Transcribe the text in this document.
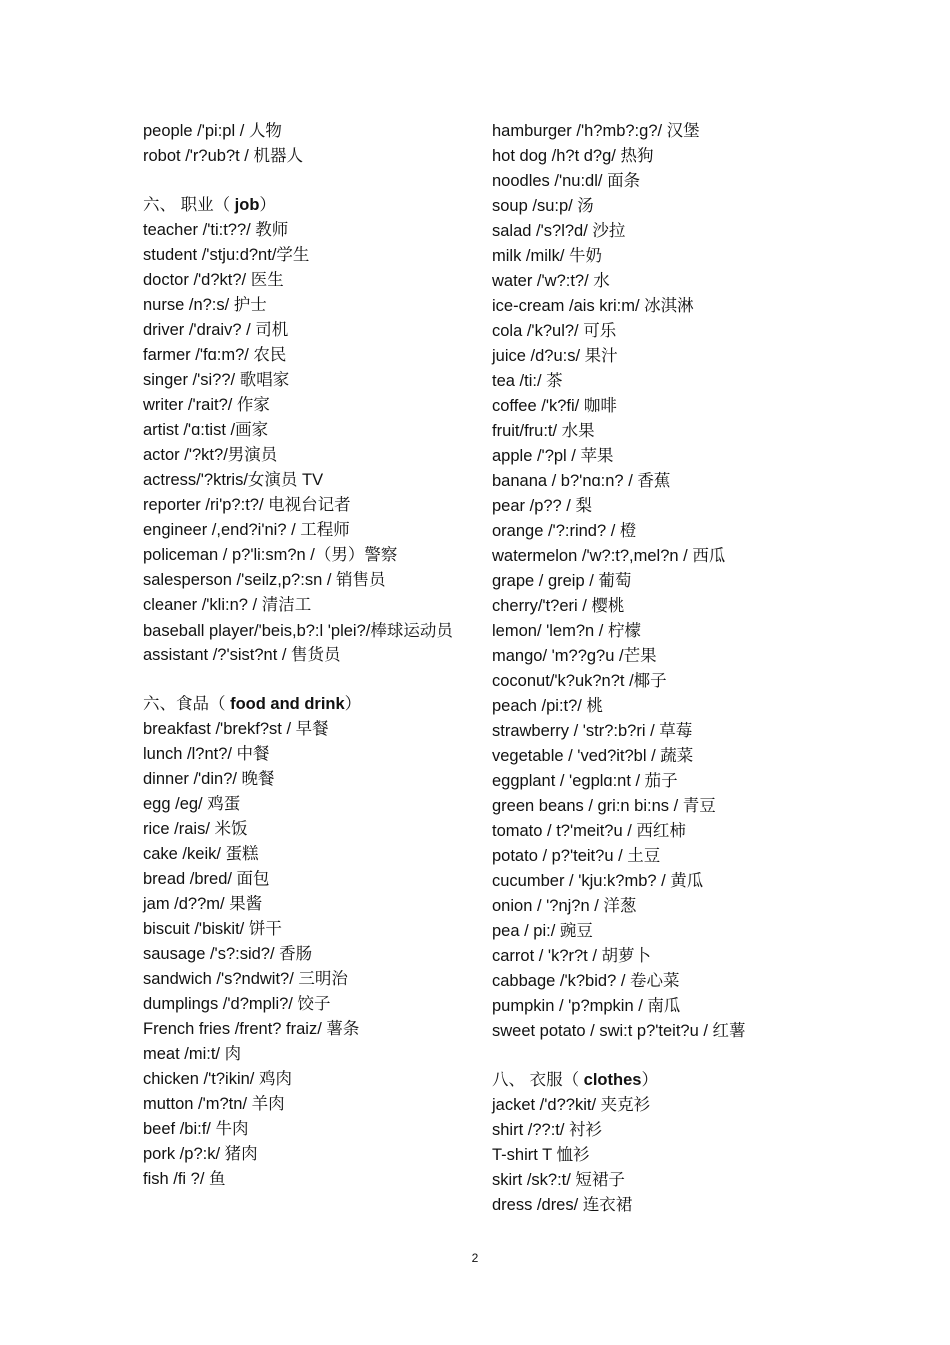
people /'pi:pl / 人物
robot /'r?ub?t / 机器人
六、 职业（ job）
teacher /'ti:t??/ 教师
student /'stju:d?nt/学生
doctor /'d?kt?/ 医生
nurse /n?:s/ 护士
driver /'draiv? / 司机
farmer /'fɑ:m?/ 农民
singer /'si??/ 歌唱家
writer /'rait?/ 作家
artist /'ɑ:tist /画家
actor /'?kt?/男演员
actress/'?ktris/女演员 TV
reporter /ri'p?:t?/ 电视台记者
engineer /,end?i'ni? / 工程师
policeman / p?'li:sm?n /（男）警察
salesperson /'seilz,p?:sn / 销售员
cleaner /'kli:n? / 清洁工
baseball player/'beis,b?:l 'plei?/棒球运动员
assistant /?'sist?nt / 售货员
六、食品（ food and drink）
breakfast /'brekf?st / 早餐
lunch /l?nt?/ 中餐
dinner /'din?/ 晚餐
egg /eg/ 鸡蛋
rice /rais/ 米饭
cake /keik/ 蛋糕
bread /bred/ 面包
jam /d??m/ 果酱
biscuit /'biskit/ 饼干
sausage /'s?:sid?/ 香肠
sandwich /'s?ndwit?/ 三明治
dumplings /'d?mpli?/ 饺子
French fries /frent? fraiz/ 薯条
meat /mi:t/ 肉
chicken /'t?ikin/ 鸡肉
mutton /'m?tn/ 羊肉
beef /bi:f/ 牛肉
pork /p?:k/ 猪肉
fish /fi ?/ 鱼
hamburger /'h?mb?:g?/ 汉堡
hot dog /h?t d?g/ 热狗
noodles /'nu:dl/ 面条
soup /su:p/ 汤
salad /'s?l?d/ 沙拉
milk /milk/ 牛奶
water /'w?:t?/ 水
ice-cream /ais kri:m/ 冰淇淋
cola /'k?ul?/ 可乐
juice /d?u:s/ 果汁
tea /ti:/ 茶
coffee /'k?fi/ 咖啡
fruit/fru:t/ 水果
apple /'?pl / 苹果
banana / b?'nɑ:n? / 香蕉
pear /p?? / 梨
orange /'?:rind? / 橙
watermelon /'w?:t?,mel?n / 西瓜
grape / greip / 葡萄
cherry/'t?eri / 樱桃
lemon/ 'lem?n / 柠檬
mango/ 'm??g?u /芒果
coconut/'k?uk?n?t /椰子
peach /pi:t?/ 桃
strawberry / 'str?:b?ri / 草莓
vegetable / 'ved?it?bl / 蔬菜
eggplant / 'egplɑ:nt / 茄子
green beans / gri:n bi:ns / 青豆
tomato / t?'meit?u / 西红柿
potato / p?'teit?u / 土豆
cucumber / 'kju:k?mb? / 黄瓜
onion / '?nj?n / 洋葱
pea / pi:/ 豌豆
carrot / 'k?r?t / 胡萝卜
cabbage /'k?bid? / 卷心菜
pumpkin / 'p?mpkin / 南瓜
sweet potato / swi:t p?'teit?u / 红薯
八、 衣服（ clothes）
jacket /'d??kit/ 夹克衫
shirt /??:t/ 衬衫
T-shirt T 恤衫
skirt /sk?:t/ 短裙子
dress /dres/ 连衣裙
2
